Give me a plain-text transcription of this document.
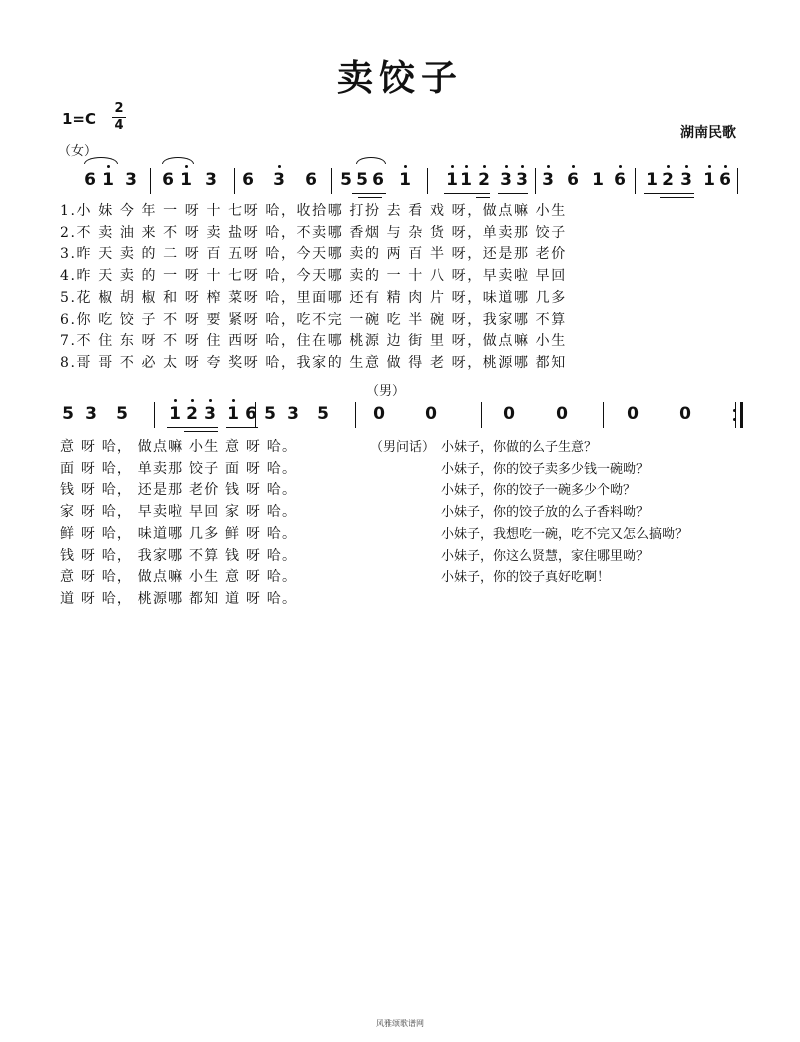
卖饺子
1=C
2
4	湖南民歌
（女）
（男）
6 1 3 6 1 3 6 3 6 5 5 6 1 1 1 2 3 3 3 6 1 6 1 2 3 1 6
1.小 妹 今 年 一 呀 十 七呀 哈，收拾哪 打扮 去 看 戏 呀，做点嘛 小生
2.不 卖 油 来 不 呀 卖 盐呀 哈，不卖哪 香烟 与 杂 货 呀，单卖那 饺子
3.昨 天 卖 的 二 呀 百 五呀 哈，今天哪 卖的 两 百 半 呀，还是那 老价
4.昨 天 卖 的 一 呀 十 七呀 哈，今天哪 卖的 一 十 八 呀，早卖啦 早回
5.花 椒 胡 椒 和 呀 榨 菜呀 哈，里面哪 还有 精 肉 片 呀，味道哪 几多
6.你 吃 饺 子 不 呀 要 紧呀 哈，吃不完 一碗 吃 半 碗 呀，我家哪 不算
7.不 住 东 呀 不 呀 住 西呀 哈，住在哪 桃源 边 街 里 呀，做点嘛 小生
8.哥 哥 不 必 太 呀 夸 奖呀 哈，我家的 生意 做 得 老 呀，桃源哪 都知
5 3 5 1 2 3 1 6 5 3 5	0 0	0 0	0 0
意 呀 哈， 做点嘛 小生 意 呀 哈。
面 呀 哈， 单卖那 饺子 面 呀 哈。
钱 呀 哈， 还是那 老价 钱 呀 哈。
家 呀 哈， 早卖啦 早回 家 呀 哈。
鲜 呀 哈， 味道哪 几多 鲜 呀 哈。
钱 呀 哈， 我家哪 不算 钱 呀 哈。
意 呀 哈， 做点嘛 小生 意 呀 哈。
道 呀 哈， 桃源哪 都知 道 呀 哈。
（男问话） 小妹子，你做的么子生意？
小妹子，你的饺子卖多少钱一碗呦？
小妹子，你的饺子一碗多少个呦？
小妹子，你的饺子放的么子香料呦？
小妹子，我想吃一碗，吃不完又怎么搞呦？
小妹子，你这么贤慧，家住哪里呦？
小妹子，你的饺子真好吃啊！
风雅颂歌谱网
